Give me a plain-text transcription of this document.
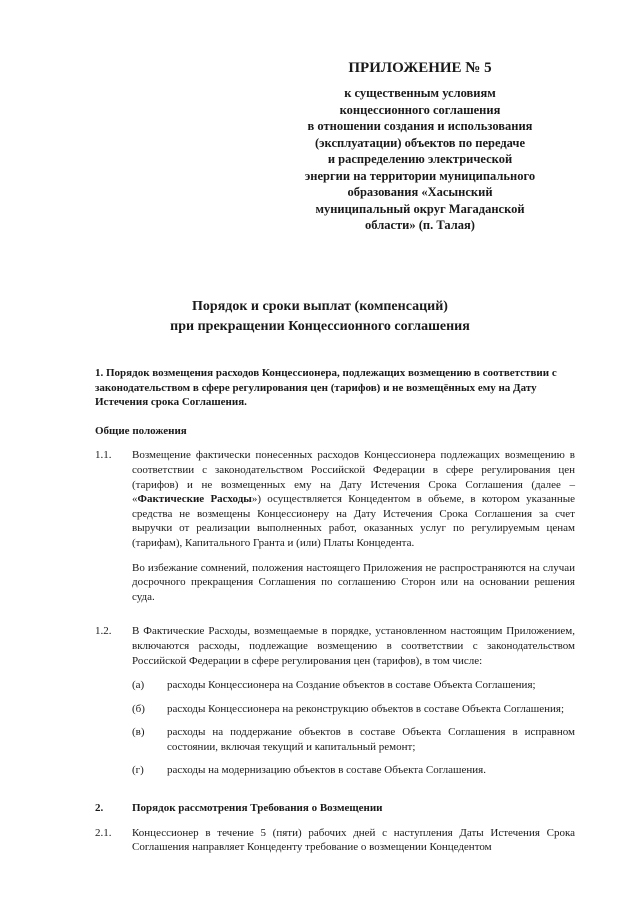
ПРИЛОЖЕНИЕ № 5

к существенным условиям
концессионного соглашения
в отношении создания и использования
(эксплуатации) объектов по передаче
и распределению электрической
энергии на территории муниципального
образования «Хасынский
муниципальный округ Магаданской
области» (п. Талая)

Порядок и сроки выплат (компенсаций)
при прекращении Концессионного соглашения

1. Порядок возмещения расходов Концессионера, подлежащих возмещению в соответствии с законодательством в сфере регулирования цен (тарифов) и не возмещённых ему на Дату Истечения срока Соглашения.

Общие положения

1.1.	Возмещение фактически понесенных расходов Концессионера подлежащих возмещению в соответствии с законодательством Российской Федерации в сфере регулирования цен (тарифов) и не возмещенных ему на Дату Истечения Срока Соглашения (далее – «Фактические Расходы») осуществляется Концедентом в объеме, в котором указанные средства не возмещены Концессионеру на Дату Истечения Срока Соглашения за счет выручки от реализации выполненных работ, оказанных услуг по регулируемым ценам (тарифам), Капитального Гранта и (или) Платы Концедента.

Во избежание сомнений, положения настоящего Приложения не распространяются на случаи досрочного прекращения Соглашения по соглашению Сторон или на основании решения суда.

1.2.	В Фактические Расходы, возмещаемые в порядке, установленном настоящим Приложением, включаются расходы, подлежащие возмещению в соответствии с законодательством Российской Федерации в сфере регулирования цен (тарифов), в том числе:

(а)	расходы Концессионера на Создание объектов в составе Объекта Соглашения;
(б)	расходы Концессионера на реконструкцию объектов в составе Объекта Соглашения;
(в)	расходы на поддержание объектов в составе Объекта Соглашения в исправном состоянии, включая текущий и капитальный ремонт;
(г)	расходы на модернизацию объектов в составе Объекта Соглашения.
2.	Порядок рассмотрения Требования о Возмещении
2.1.	Концессионер в течение 5 (пяти) рабочих дней с наступления Даты Истечения Срока Соглашения направляет Концеденту требование о возмещении Концедентом
